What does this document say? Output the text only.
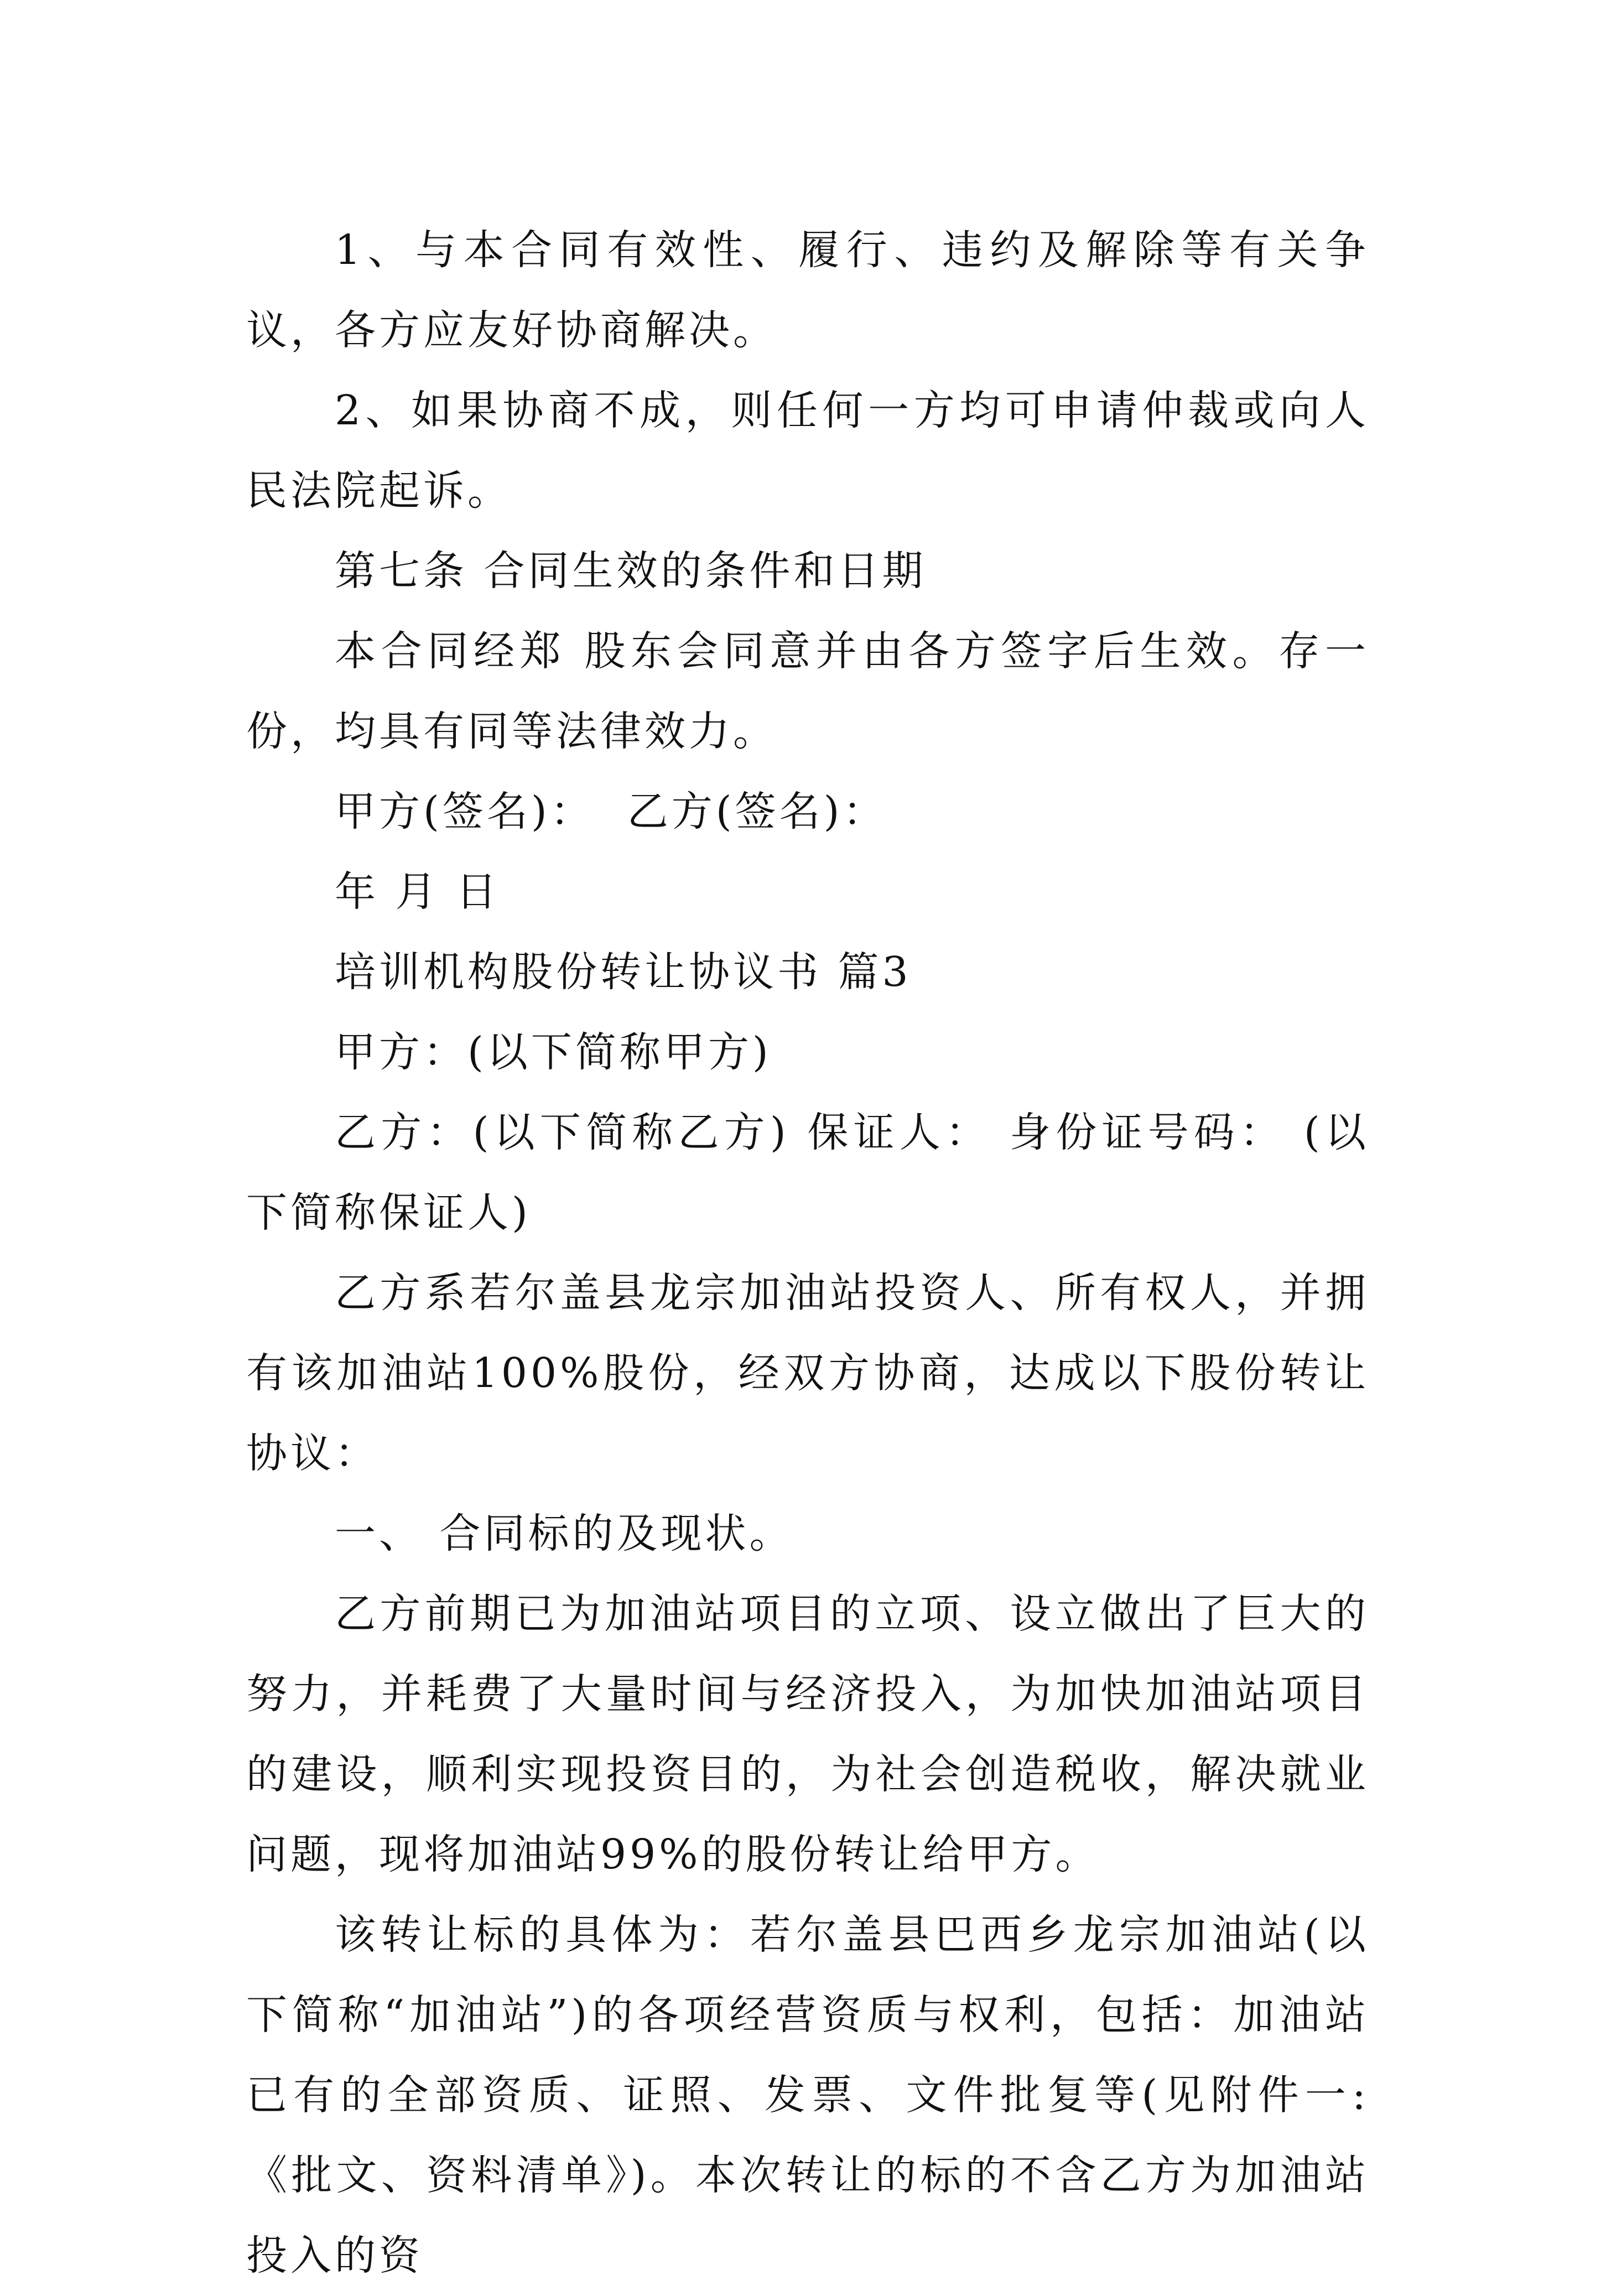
1、与本合同有效性、履行、违约及解除等有关争议，各方应友好协商解决。

2、如果协商不成，则任何一方均可申请仲裁或向人民法院起诉。

第七条 合同生效的条件和日期

本合同经郑 股东会同意并由各方签字后生效。存一份，均具有同等法律效力。

甲方(签名)：  乙方(签名)：

年 月 日

培训机构股份转让协议书 篇3

甲方：(以下简称甲方)

乙方：(以下简称乙方) 保证人： 身份证号码： (以下简称保证人)

乙方系若尔盖县龙宗加油站投资人、所有权人，并拥有该加油站100%股份，经双方协商，达成以下股份转让协议：

一、 合同标的及现状。

乙方前期已为加油站项目的立项、设立做出了巨大的努力，并耗费了大量时间与经济投入，为加快加油站项目的建设，顺利实现投资目的，为社会创造税收，解决就业问题，现将加油站99%的股份转让给甲方。

该转让标的具体为：若尔盖县巴西乡龙宗加油站(以下简称“加油站”)的各项经营资质与权利，包括：加油站已有的全部资质、证照、发票、文件批复等(见附件一:《批文、资料清单》)。本次转让的标的不含乙方为加油站投入的资
